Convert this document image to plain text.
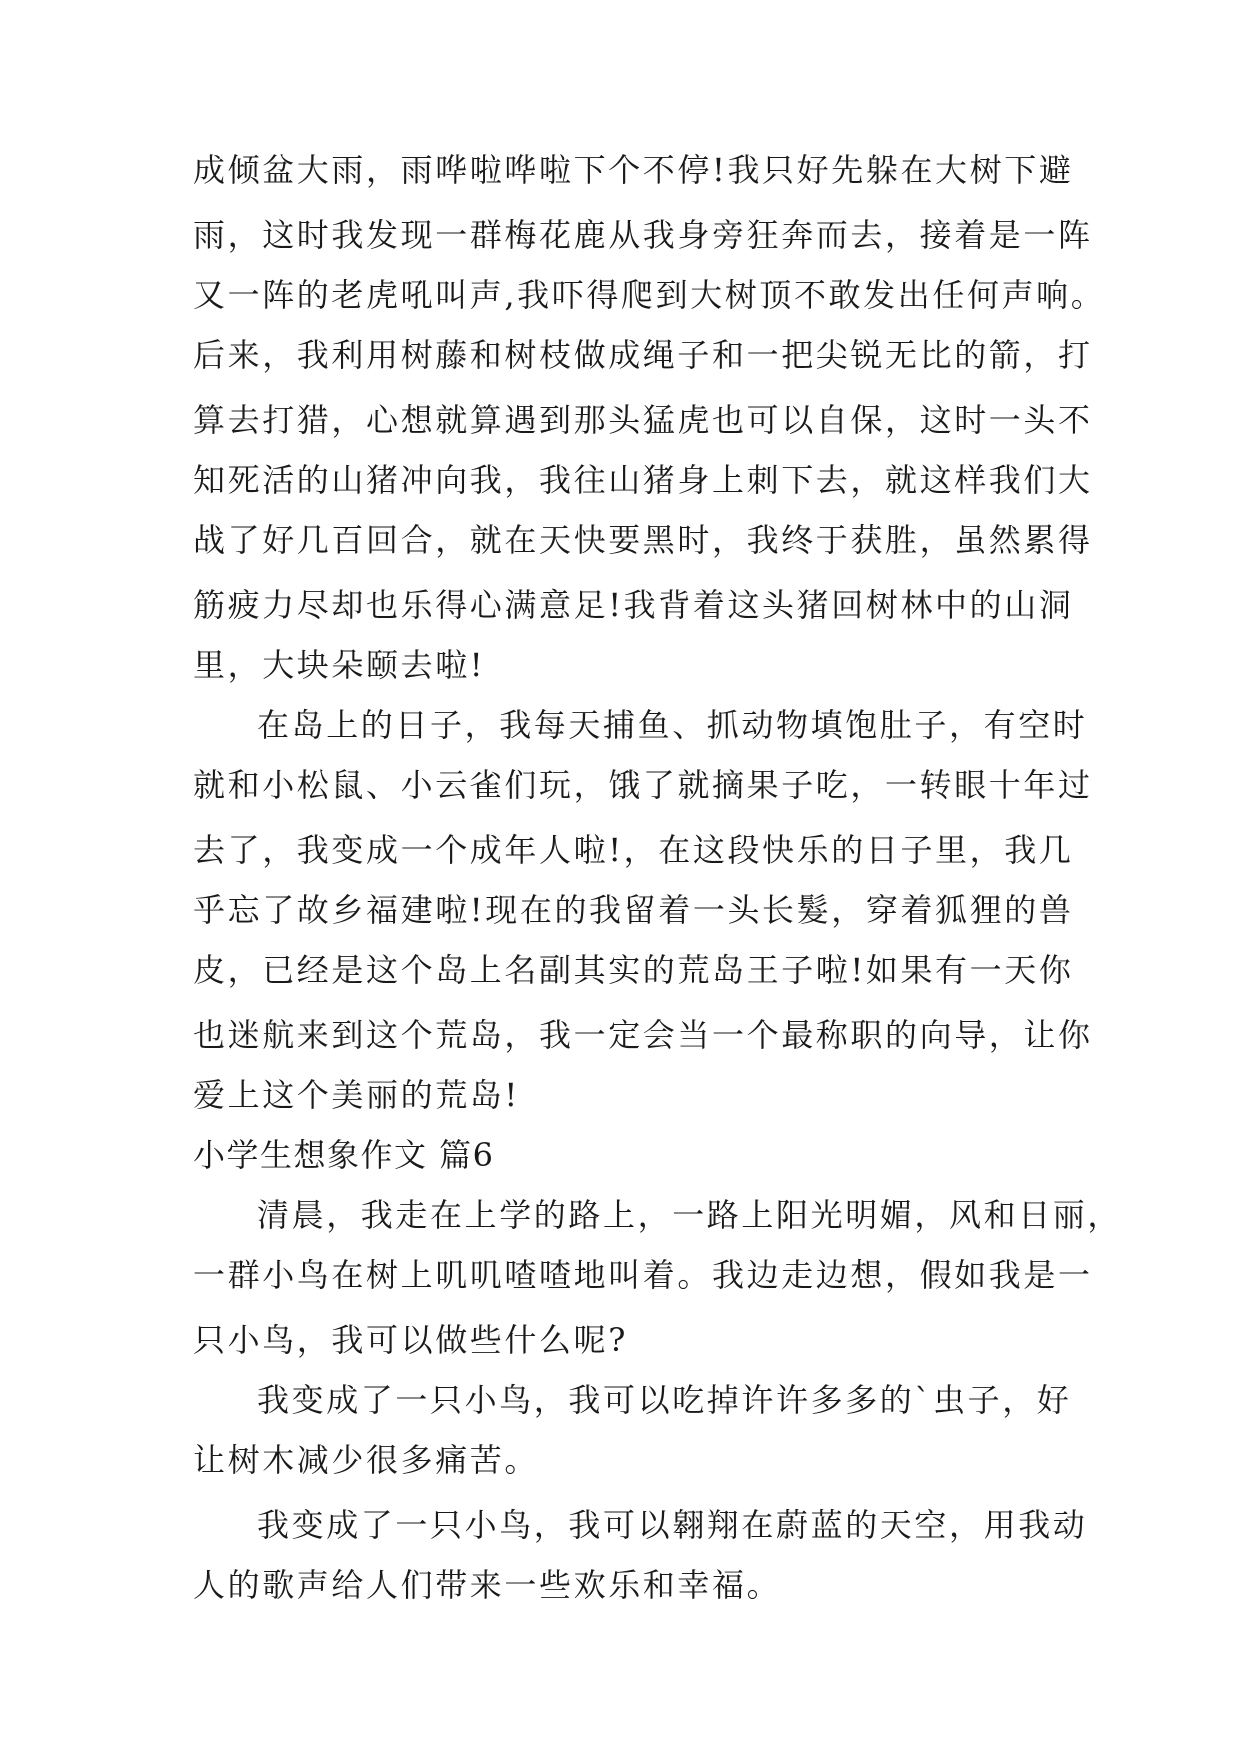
成倾盆大雨，雨哗啦哗啦下个不停!我只好先躲在大树下避
雨，这时我发现一群梅花鹿从我身旁狂奔而去，接着是一阵
又一阵的老虎吼叫声,我吓得爬到大树顶不敢发出任何声响。
后来，我利用树藤和树枝做成绳子和一把尖锐无比的箭，打
算去打猎，心想就算遇到那头猛虎也可以自保，这时一头不
知死活的山猪冲向我，我往山猪身上刺下去，就这样我们大
战了好几百回合，就在天快要黑时，我终于获胜，虽然累得
筋疲力尽却也乐得心满意足!我背着这头猪回树林中的山洞
里，大块朵颐去啦!
在岛上的日子，我每天捕鱼、抓动物填饱肚子，有空时
就和小松鼠、小云雀们玩，饿了就摘果子吃，一转眼十年过
去了，我变成一个成年人啦!，在这段快乐的日子里，我几
乎忘了故乡福建啦!现在的我留着一头长髮，穿着狐狸的兽
皮，已经是这个岛上名副其实的荒岛王子啦!如果有一天你
也迷航来到这个荒岛，我一定会当一个最称职的向导，让你
爱上这个美丽的荒岛!
小学生想象作文 篇6
清晨，我走在上学的路上，一路上阳光明媚，风和日丽，
一群小鸟在树上叽叽喳喳地叫着。我边走边想，假如我是一
只小鸟，我可以做些什么呢?
我变成了一只小鸟，我可以吃掉许许多多的`虫子，好
让树木减少很多痛苦。
我变成了一只小鸟，我可以翱翔在蔚蓝的天空，用我动
人的歌声给人们带来一些欢乐和幸福。
